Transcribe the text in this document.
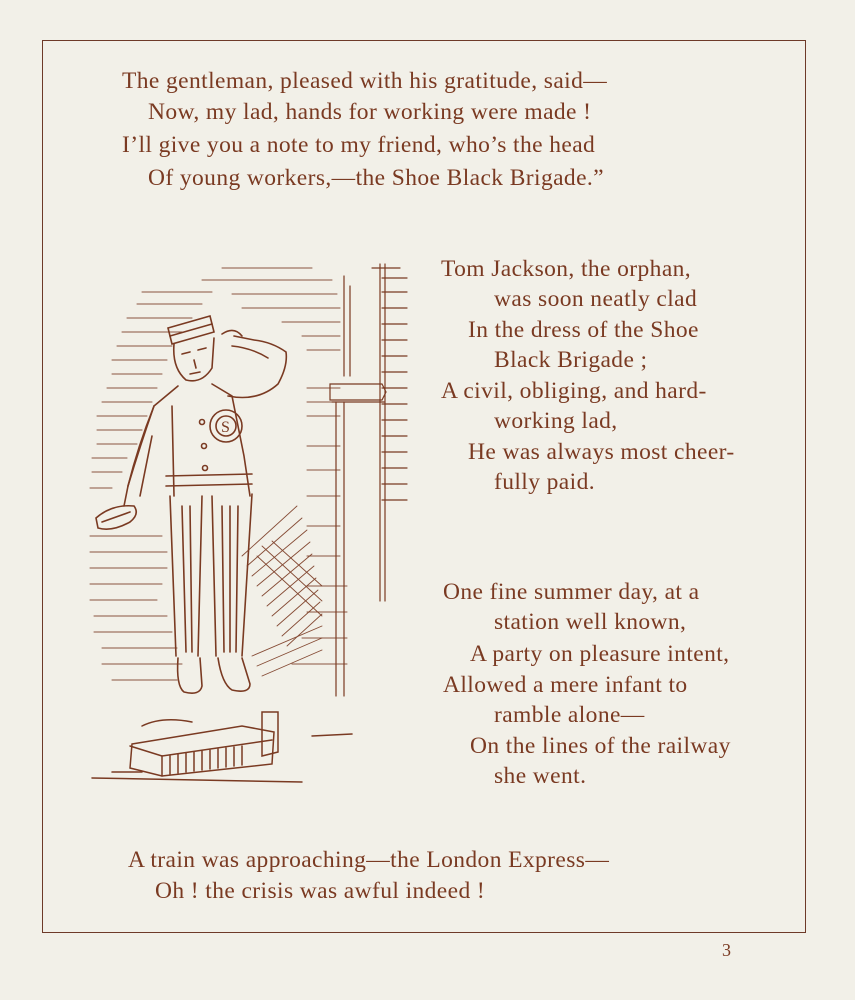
The gentleman, pleased with his gratitude, said—
Now, my lad, hands for working were made !
I’ll give you a note to my friend, who’s the head
Of young workers,—the Shoe Black Brigade.”
Tom Jackson, the orphan,
was soon neatly clad
In the dress of the Shoe
Black Brigade ;
A civil, obliging, and hard-
working lad,
He was always most cheer-
fully paid.
One fine summer day, at a
station well known,
A party on pleasure intent,
Allowed a mere infant to
ramble alone—
On the lines of the railway
she went.
A train was approaching—the London Express—
Oh ! the crisis was awful indeed !
S
3
